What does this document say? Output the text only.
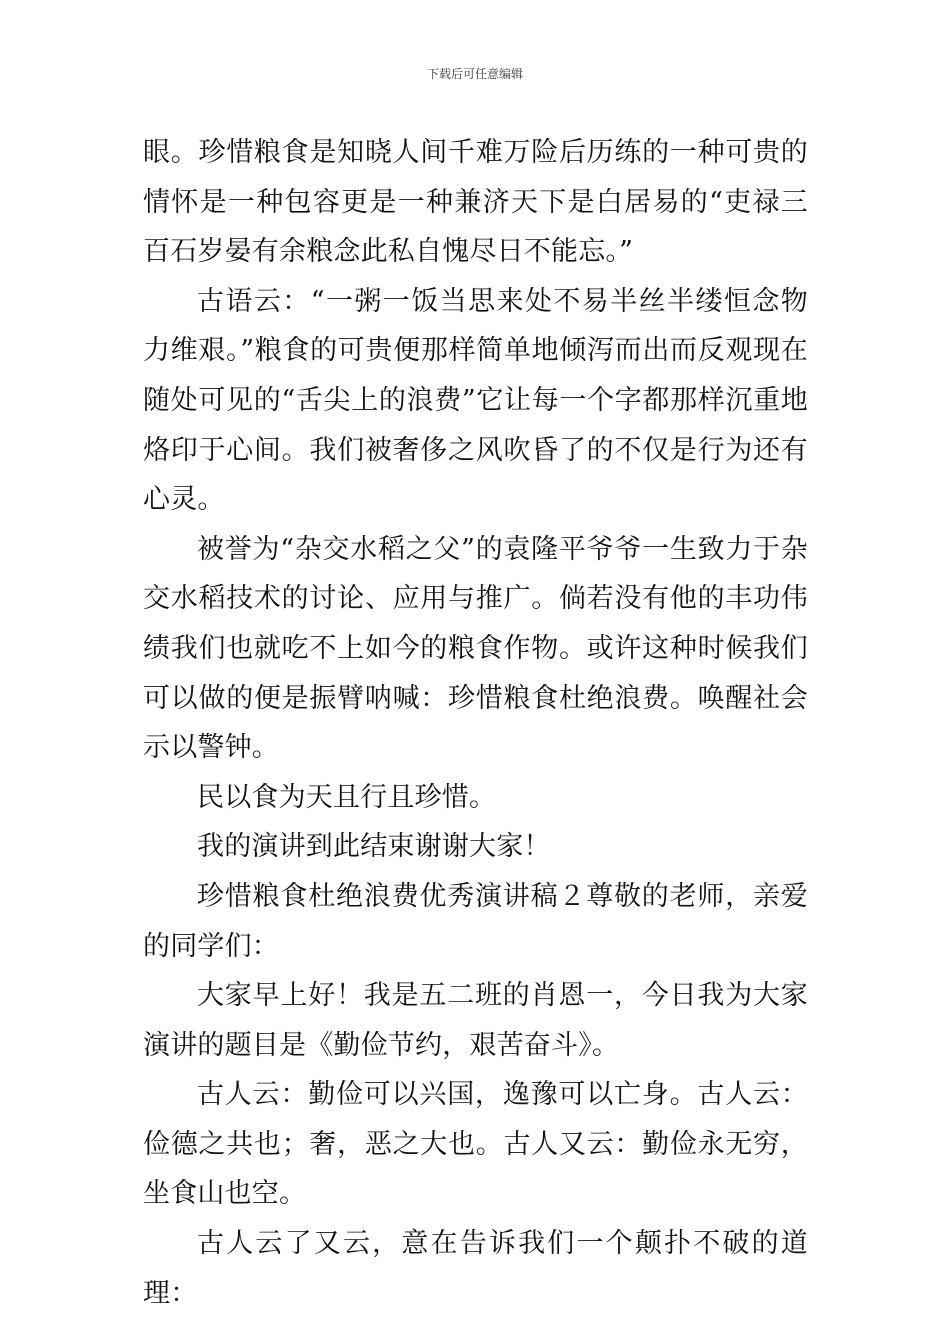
下载后可任意编辑

眼。珍惜粮食是知晓人间千难万险后历练的一种可贵的情怀是一种包容更是一种兼济天下是白居易的“吏禄三百石岁晏有余粮念此私自愧尽日不能忘。”

古语云：“一粥一饭当思来处不易半丝半缕恒念物力维艰。”粮食的可贵便那样简单地倾泻而出而反观现在随处可见的“舌尖上的浪费”它让每一个字都那样沉重地烙印于心间。我们被奢侈之风吹昏了的不仅是行为还有心灵。

被誉为“杂交水稻之父”的袁隆平爷爷一生致力于杂交水稻技术的讨论、应用与推广。倘若没有他的丰功伟绩我们也就吃不上如今的粮食作物。或许这种时候我们可以做的便是振臂呐喊：珍惜粮食杜绝浪费。唤醒社会示以警钟。

民以食为天且行且珍惜。

我的演讲到此结束谢谢大家！

珍惜粮食杜绝浪费优秀演讲稿２尊敬的老师，亲爱的同学们：

大家早上好！我是五二班的肖恩一，今日我为大家演讲的题目是《勤俭节约，艰苦奋斗》。

古人云：勤俭可以兴国，逸豫可以亡身。古人云：俭德之共也；奢，恶之大也。古人又云：勤俭永无穷，坐食山也空。

古人云了又云，意在告诉我们一个颠扑不破的道理：
